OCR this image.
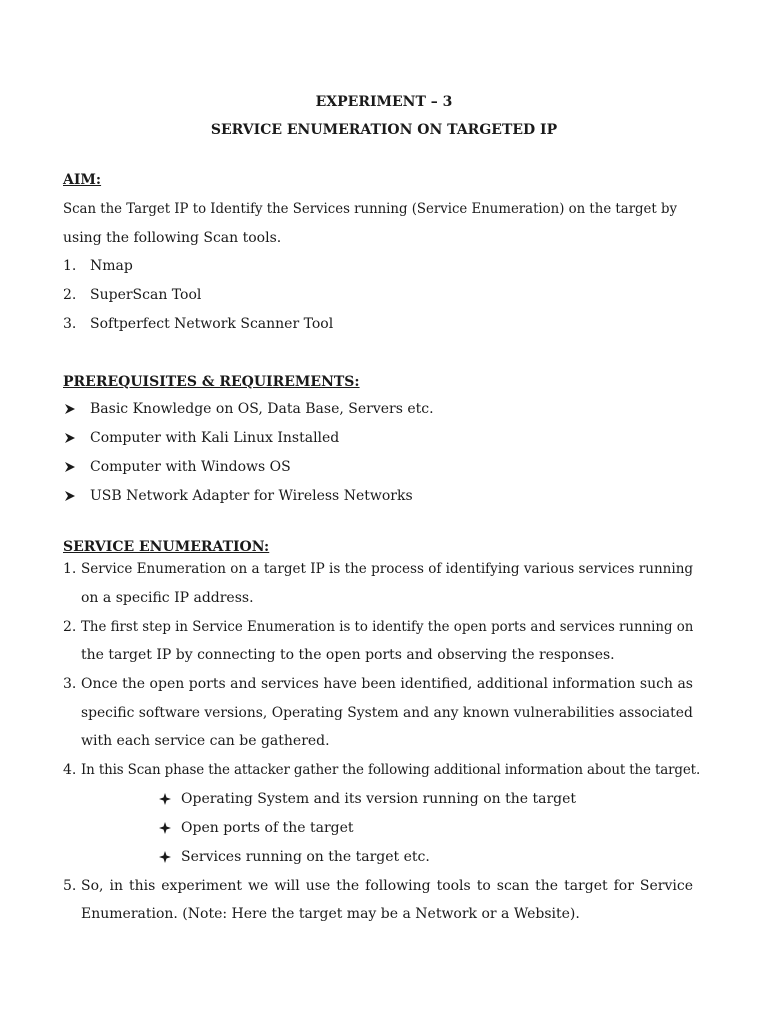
EXPERIMENT – 3
SERVICE ENUMERATION ON TARGETED IP
AIM:
Scan the Target IP to Identify the Services running (Service Enumeration) on the target by
using the following Scan tools.
1. Nmap
2. SuperScan Tool
3. Softperfect Network Scanner Tool
PREREQUISITES & REQUIREMENTS:
Basic Knowledge on OS, Data Base, Servers etc.
Computer with Kali Linux Installed
Computer with Windows OS
USB Network Adapter for Wireless Networks
SERVICE ENUMERATION:
1. Service Enumeration on a target IP is the process of identifying various services running
on a specific IP address.
2. The first step in Service Enumeration is to identify the open ports and services running on
the target IP by connecting to the open ports and observing the responses.
3. Once the open ports and services have been identified, additional information such as
specific software versions, Operating System and any known vulnerabilities associated
with each service can be gathered.
4. In this Scan phase the attacker gather the following additional information about the target.
Operating System and its version running on the target
Open ports of the target
Services running on the target etc.
5. So, in this experiment we will use the following tools to scan the target for Service
Enumeration. (Note: Here the target may be a Network or a Website).
